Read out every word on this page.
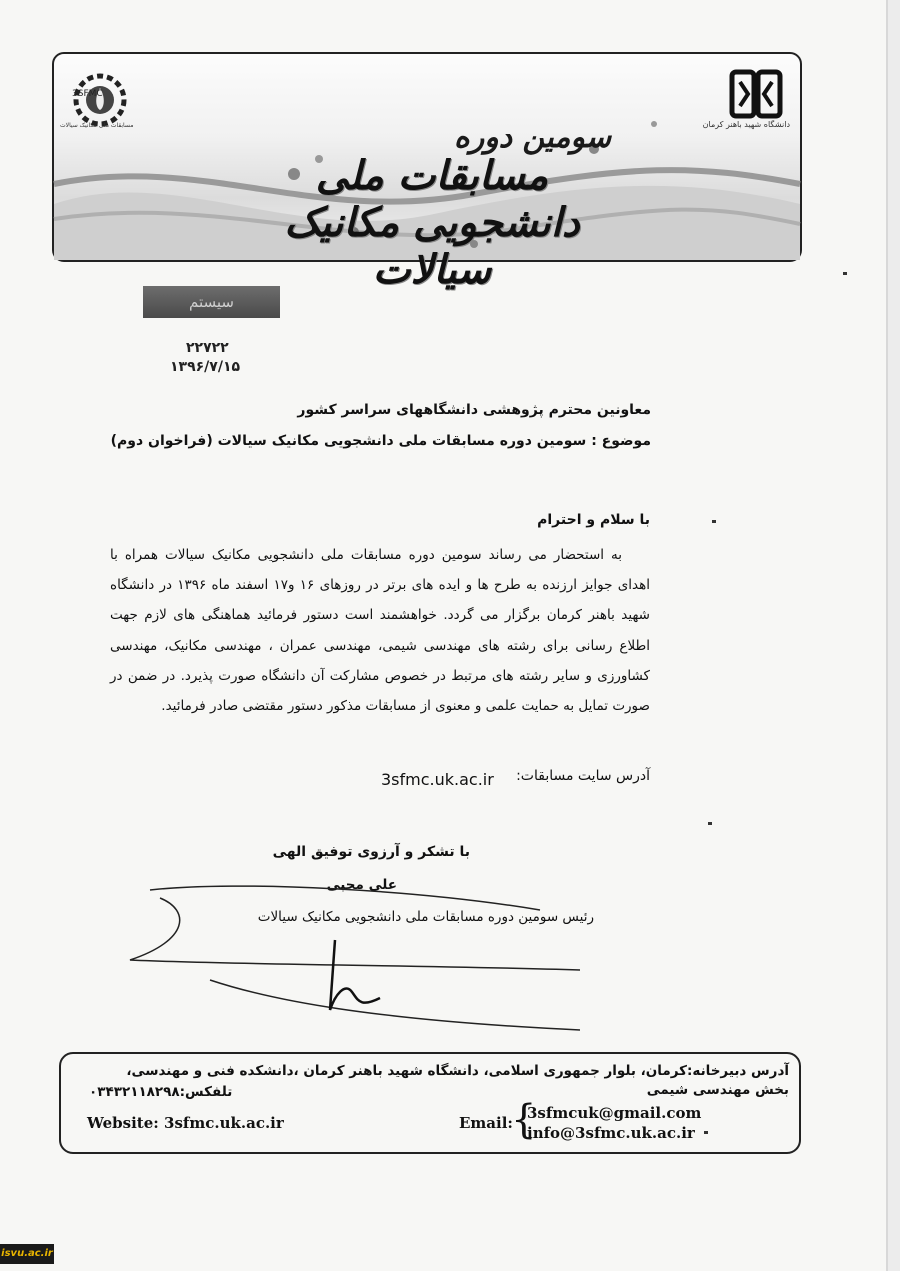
3SFMC
مسابقات ملی مکانیک سیالات	دانشگاه شهید باهنر کرمان
سومین دوره
مسابقات ملی دانشجویی مکانیک سیالات
سیستم
۲۲۷۲۲
۱۳۹۶/۷/۱۵
معاونین محترم پژوهشی دانشگاههای سراسر کشور
موضوع : سومین دوره مسابقات ملی دانشجویی مکانیک سیالات (فراخوان دوم)
با سلام و احترام

به استحضار می رساند سومین دوره مسابقات ملی دانشجویی مکانیک سیالات همراه با اهدای جوایز ارزنده به طرح ها و ایده های برتر در روزهای ۱۶ و۱۷ اسفند ماه ۱۳۹۶ در دانشگاه شهید باهنر کرمان برگزار می گردد. خواهشمند است دستور فرمائید هماهنگی های لازم جهت اطلاع رسانی برای رشته های مهندسی شیمی، مهندسی عمران ، مهندسی مکانیک، مهندسی کشاورزی و سایر رشته های مرتبط در خصوص مشارکت آن دانشگاه صورت پذیرد. در ضمن در صورت تمایل به حمایت علمی و معنوی از مسابقات مذکور دستور مقتضی صادر فرمائید.

آدرس سایت مسابقات:
3sfmc.uk.ac.ir
با تشکر و آرزوی توفیق الهی
علی محبی
رئیس سومین دوره مسابقات ملی دانشجویی مکانیک سیالات
آدرس دبیرخانه:کرمان، بلوار جمهوری اسلامی، دانشگاه شهید باهنر کرمان ،دانشکده فنی و مهندسی، بخش مهندسی شیمی
تلفکس:۰۳۴۳۲۱۱۸۲۹۸
Website: 3sfmc.uk.ac.ir	Email:
{
3sfmcuk@gmail.com
info@3sfmc.uk.ac.ir
isvu.ac.ir
